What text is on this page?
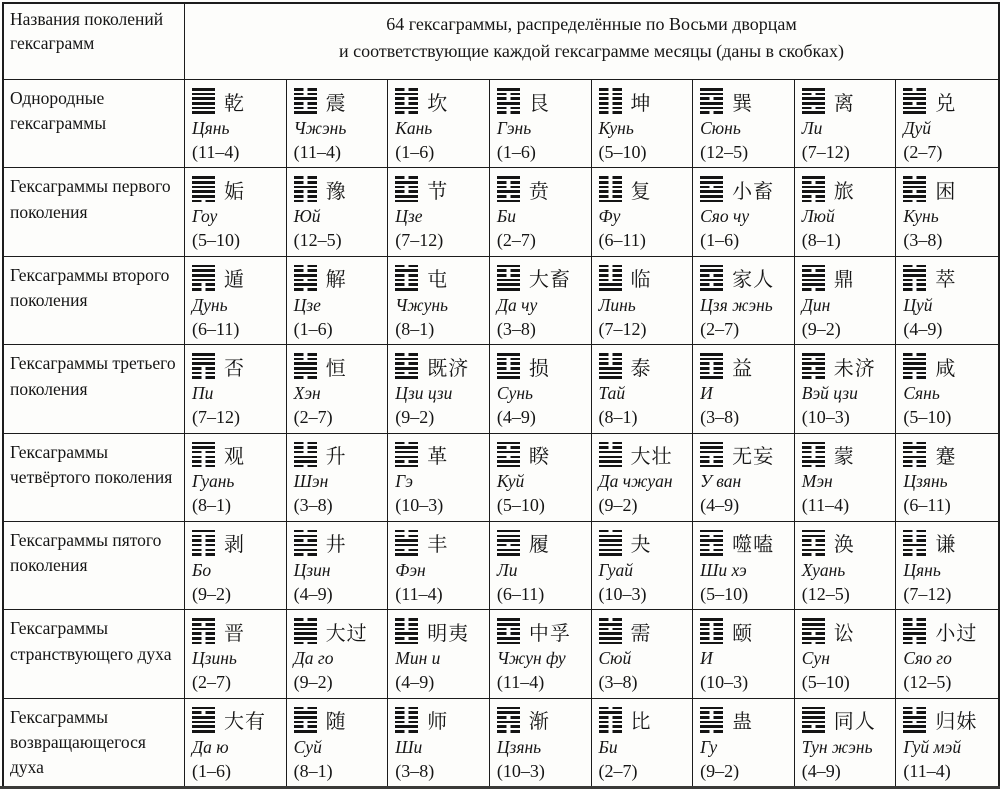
Названия поколений гексаграмм
64 гексаграммы, распределённые по Восьми дворцам
и соответствующие каждой гексаграмме месяцы (даны в скобках)
Однородные гексаграммы
乾
Цянь
(11–4)
震
Чжэнь
(11–4)
坎
Кань
(1–6)
艮
Гэнь
(1–6)
坤
Кунь
(5–10)
巽
Сюнь
(12–5)
离
Ли
(7–12)
兑
Дуй
(2–7)
Гексаграммы первого поколения
姤
Гоу
(5–10)
豫
Юй
(12–5)
节
Цзе
(7–12)
贲
Би
(2–7)
复
Фу
(6–11)
小畜
Сяо чу
(1–6)
旅
Люй
(8–1)
困
Кунь
(3–8)
Гексаграммы второго поколения
遁
Дунь
(6–11)
解
Цзе
(1–6)
屯
Чжунь
(8–1)
大畜
Да чу
(3–8)
临
Линь
(7–12)
家人
Цзя жэнь
(2–7)
鼎
Дин
(9–2)
萃
Цуй
(4–9)
Гексаграммы третьего поколения
否
Пи
(7–12)
恒
Хэн
(2–7)
既济
Цзи цзи
(9–2)
损
Сунь
(4–9)
泰
Тай
(8–1)
益
И
(3–8)
未济
Вэй цзи
(10–3)
咸
Сянь
(5–10)
Гексаграммы четвёртого поколения
观
Гуань
(8–1)
升
Шэн
(3–8)
革
Гэ
(10–3)
睽
Куй
(5–10)
大壮
Да чжуан
(9–2)
无妄
У ван
(4–9)
蒙
Мэн
(11–4)
蹇
Цзянь
(6–11)
Гексаграммы пятого поколения
剥
Бо
(9–2)
井
Цзин
(4–9)
丰
Фэн
(11–4)
履
Ли
(6–11)
夬
Гуай
(10–3)
噬嗑
Ши хэ
(5–10)
涣
Хуань
(12–5)
谦
Цянь
(7–12)
Гексаграммы странствующего духа
晋
Цзинь
(2–7)
大过
Да го
(9–2)
明夷
Мин и
(4–9)
中孚
Чжун фу
(11–4)
需
Сюй
(3–8)
颐
И
(10–3)
讼
Сун
(5–10)
小过
Сяо го
(12–5)
Гексаграммы возвращающегося духа
大有
Да ю
(1–6)
随
Суй
(8–1)
师
Ши
(3–8)
渐
Цзянь
(10–3)
比
Би
(2–7)
蛊
Гу
(9–2)
同人
Тун жэнь
(4–9)
归妹
Гуй мэй
(11–4)
